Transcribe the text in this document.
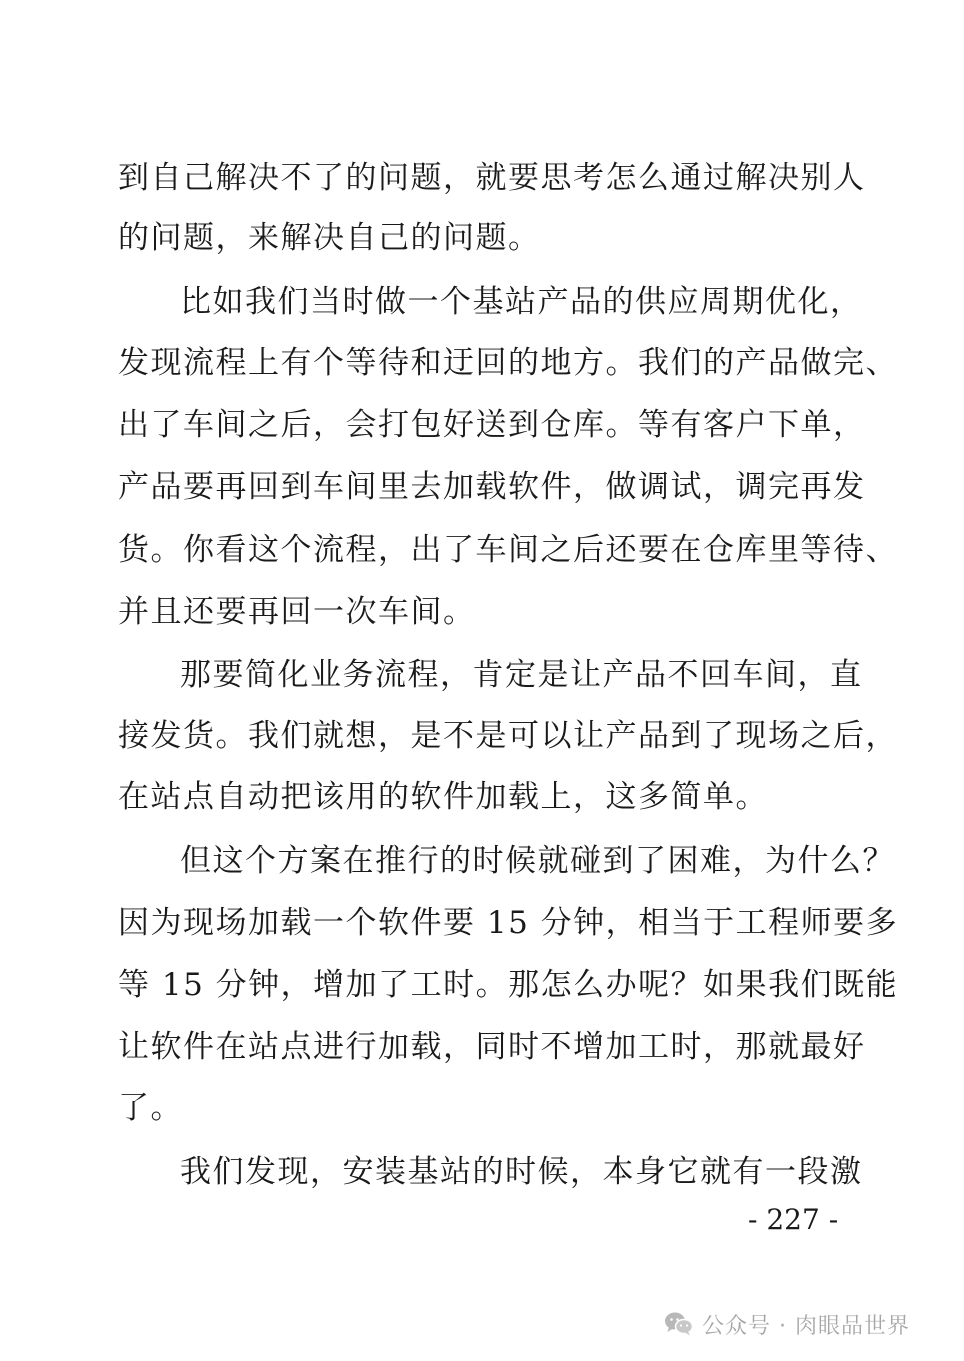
到自己解决不了的问题，就要思考怎么通过解决别人
的问题，来解决自己的问题。
比如我们当时做一个基站产品的供应周期优化，
发现流程上有个等待和迂回的地方。我们的产品做完、
出了车间之后，会打包好送到仓库。等有客户下单，
产品要再回到车间里去加载软件，做调试，调完再发
货。你看这个流程，出了车间之后还要在仓库里等待、
并且还要再回一次车间。
那要简化业务流程，肯定是让产品不回车间，直
接发货。我们就想，是不是可以让产品到了现场之后，
在站点自动把该用的软件加载上，这多简单。
但这个方案在推行的时候就碰到了困难，为什么？
因为现场加载一个软件要 15 分钟，相当于工程师要多
等 15 分钟，增加了工时。那怎么办呢？如果我们既能
让软件在站点进行加载，同时不增加工时，那就最好
了。
我们发现，安装基站的时候，本身它就有一段激
- 227 -
公众号 · 肉眼品世界
